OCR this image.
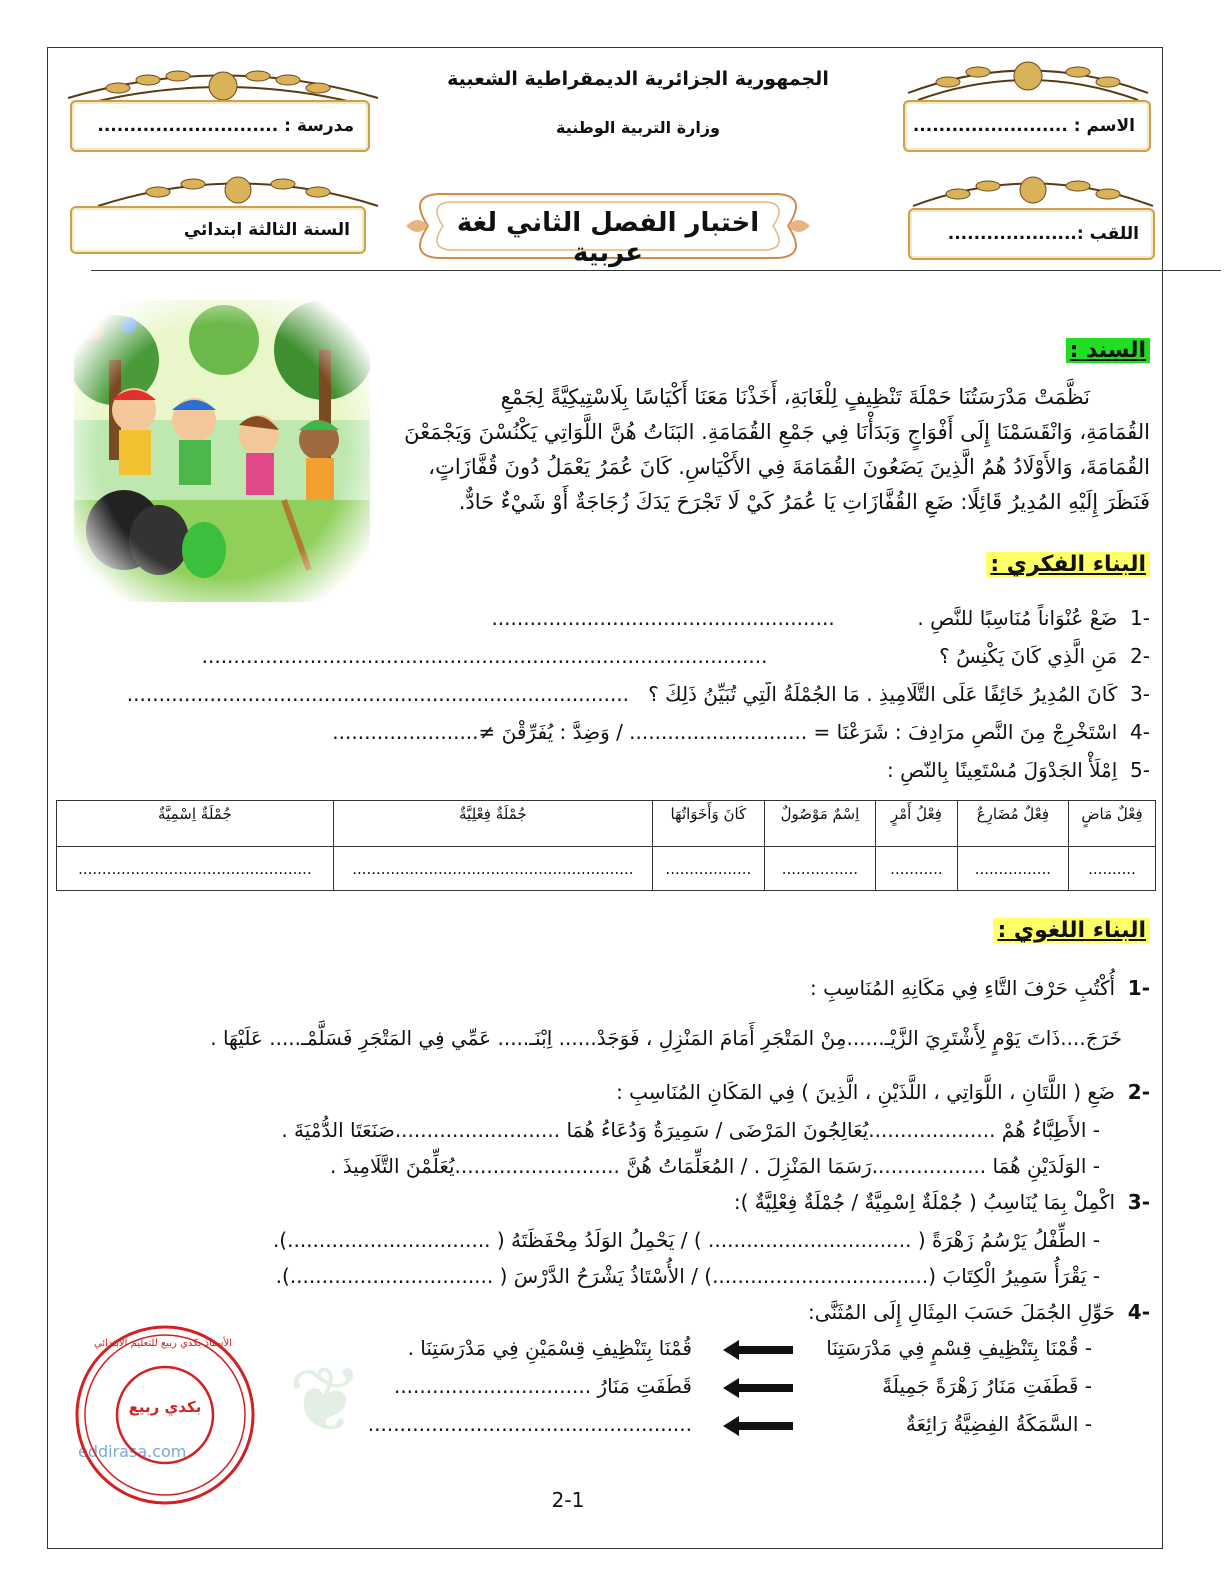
مدرسة : ............................	الاسم : ........................
السنة الثالثة ابتدائي	اللقب :....................
الجمهورية الجزائرية الديمقراطية الشعبية
وزارة التربية الوطنية
اختبار الفصل الثاني لغة عربية
السند :
نَظَّمَتْ مَدْرَسَتُنَا حَمْلَةَ تَنْظِيفٍ لِلْغَابَةِ، أَخَذْنَا مَعَنَا أَكْيَاسًا بِلَاسْتِيكِيَّةً لِجَمْعِ
القُمَامَةِ، وَانْقَسَمْنَا إِلَى أَفْوَاجٍ وَبَدَأْنَا فِي جَمْعِ القُمَامَةِ. البَنَاتُ هُنَّ اللَّوَاتِي يَكْنُسْنَ وَيَجْمَعْنَ
القُمَامَةَ، وَالأَوْلَادُ هُمُ الَّذِينَ يَضَعُونَ القُمَامَةَ فِي الأَكْيَاسِ. كَانَ عُمَرُ يَعْمَلُ دُونَ قُفَّازَاتٍ،
فَنَظَرَ إِلَيْهِ المُدِيرُ قَائِلًا: ضَعِ القُفَّازَاتِ يَا عُمَرُ كَيْ لَا تَجْرَحَ يَدَكَ زُجَاجَةٌ أَوْ شَيْءٌ حَادٌّ.
البناء الفكري :
-1  ضَعْ عُنْوَاناً مُنَاسِبًا للنَّصِ .             ......................................................
-2  مَنِ الَّذِي كَانَ يَكْنِسُ ؟                           .........................................................................................
-3  كَانَ المُدِيرُ خَائِفًا عَلَى التَّلَامِيذِ . مَا الجُمْلَةُ الَّتِي تُبَيِّنُ ذَلِكَ ؟   ...............................................................................
-4  اسْتَخْرِجْ مِنَ النَّصِ مرَادِفَ : شَرَعْنَا = ............................ / وَضِدَّ : يُفَرِّقْنَ ≠.......................
-5  اِمْلَأْ الجَدْوَلَ مُسْتَعِينًا بِالنّصِ :
فِعْلٌ مَاضٍ	فِعْلٌ مُضَارِعٌ	فِعْلُ أَمْرٍ	اِسْمٌ مَوْصُولٌ	كَانَ وَأَخَوَاتُهَا	جُمْلَةٌ فِعْلِيَّةٌ	جُمْلَةٌ اِسْمِيَّةٌ
..........	................	...........	................	..................	...........................................................	.................................................
البناء اللغوي :
-1  أُكْتُبِ حَرْفَ التَّاءِ فِي مَكَانِهِ المُنَاسِبِ :
خَرَجَ....ذَاتَ يَوْمٍ لِأَشْتَرِيَ الزَّيْـ......مِنْ المَتْجَرِ أَمَامَ المَنْزِلِ ، فَوَجَدْ...... اِبْنَـ..... عَمِّي فِي المَتْجَرِ فَسَلَّمْـ..... عَلَيْهَا .
-2  ضَعِ ( اللَّتَانِ ، اللَّوَاتِي ، اللَّذَيْنِ ، الَّذِينَ ) فِي المَكَانِ المُنَاسِبِ :
- الأَطِبَّاءُ هُمْ ....................يُعَالِجُونَ المَرْضَى / سَمِيرَةُ وَدُعَاءُ هُمَا ..........................صَنَعَتَا الدُّمْيَةَ .
- الوَلَدَيْنِ هُمَا ..................رَسَمَا المَنْزِلَ . / المُعَلِّمَاتُ هُنَّ ..........................يُعَلِّمْنَ التَّلَامِيذَ .
-3  اكْمِلْ بِمَا يُنَاسِبُ ( جُمْلَةٌ اِسْمِيَّةٌ / جُمْلَةٌ فِعْلِيَّةٌ ):
- الطِّفْلُ يَرْسُمُ زَهْرَةً ( ................................ ) / يَحْمِلُ الوَلَدُ مِحْفَظَتَهُ ( ................................).
- يَقْرَأُ سَمِيرُ الْكِتَابَ (..................................) / الأُسْتَاذُ يَشْرَحُ الدَّرْسَ ( ................................).
-4  حَوِّلِ الجُمَلَ حَسَبَ المِثَالِ إِلَى المُثَنَّى:
- قُمْنَا بِتَنْظِيفِ قِسْمٍ فِي مَدْرَسَتِنَا
قُمْنَا بِتَنْظِيفِ قِسْمَيْنِ فِي مَدْرَسَتِنَا .
- قَطَفَتِ مَنَارُ زَهْرَةً جَمِيلَةً
قَطَفَتِ مَنَارُ ...............................
- السَّمَكَةُ الفِضِيَّةُ رَائِعَةٌ
...................................................
❦
eddirasa.com
بكدي ربيع
الأستاذ بكدي ربيع للتعليم الابتدائي
2-1
